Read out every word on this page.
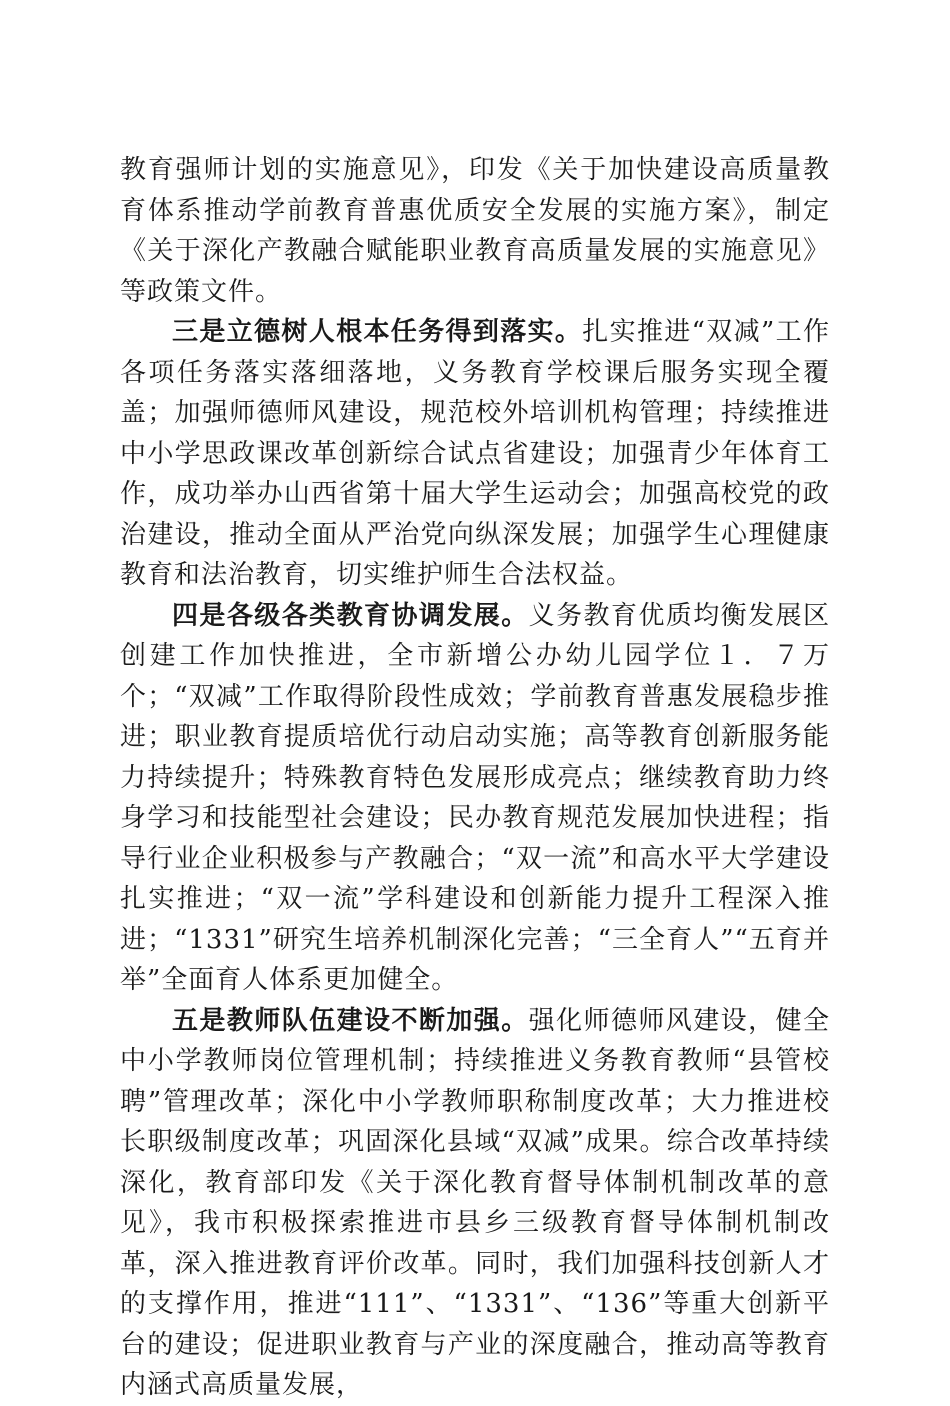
教育强师计划的实施意见》，印发《关于加快建设高质量教育体系推动学前教育普惠优质安全发展的实施方案》，制定《关于深化产教融合赋能职业教育高质量发展的实施意见》等政策文件。

三是立德树人根本任务得到落实。扎实推进“双减”工作各项任务落实落细落地，义务教育学校课后服务实现全覆盖；加强师德师风建设，规范校外培训机构管理；持续推进中小学思政课改革创新综合试点省建设；加强青少年体育工作，成功举办山西省第十届大学生运动会；加强高校党的政治建设，推动全面从严治党向纵深发展；加强学生心理健康教育和法治教育，切实维护师生合法权益。

四是各级各类教育协调发展。义务教育优质均衡发展区创建工作加快推进，全市新增公办幼儿园学位１．７万个；“双减”工作取得阶段性成效；学前教育普惠发展稳步推进；职业教育提质培优行动启动实施；高等教育创新服务能力持续提升；特殊教育特色发展形成亮点；继续教育助力终身学习和技能型社会建设；民办教育规范发展加快进程；指导行业企业积极参与产教融合；“双一流”和高水平大学建设扎实推进；“双一流”学科建设和创新能力提升工程深入推进；“1331”研究生培养机制深化完善；“三全育人”“五育并举”全面育人体系更加健全。

五是教师队伍建设不断加强。强化师德师风建设，健全中小学教师岗位管理机制；持续推进义务教育教师“县管校聘”管理改革；深化中小学教师职称制度改革；大力推进校长职级制度改革；巩固深化县域“双减”成果。综合改革持续深化，教育部印发《关于深化教育督导体制机制改革的意见》，我市积极探索推进市县乡三级教育督导体制机制改革，深入推进教育评价改革。同时，我们加强科技创新人才的支撑作用，推进“111”、“1331”、“136”等重大创新平台的建设；促进职业教育与产业的深度融合，推动高等教育内涵式高质量发展，
